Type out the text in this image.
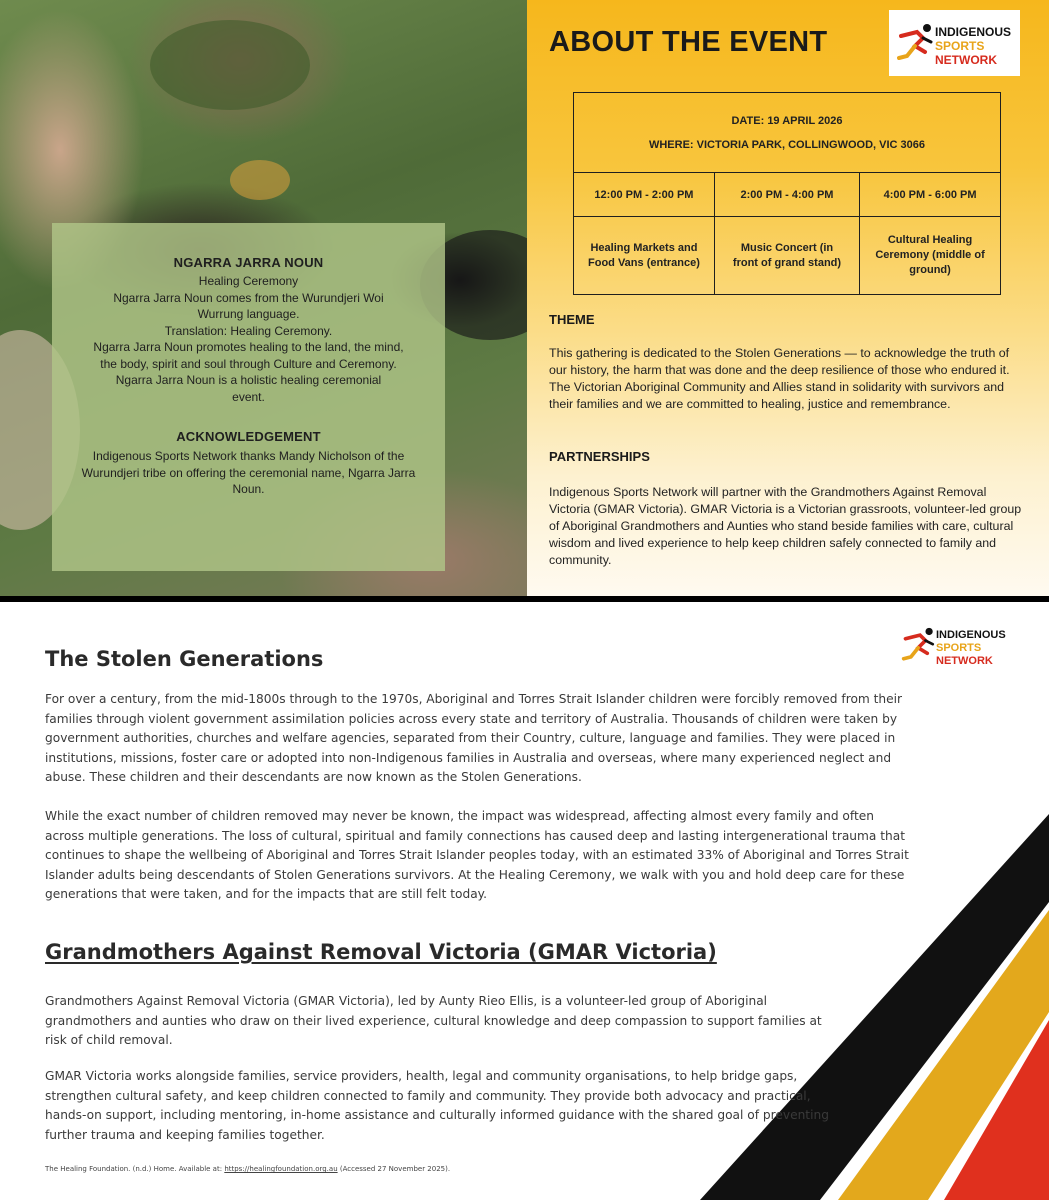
NGARRA JARRA NOUN

Healing Ceremony

Ngarra Jarra Noun comes from the Wurundjeri Woi Wurrung language.

Translation: Healing Ceremony.

Ngarra Jarra Noun promotes healing to the land, the mind, the body, spirit and soul through Culture and Ceremony.

Ngarra Jarra Noun is a holistic healing ceremonial event.

ACKNOWLEDGEMENT

Indigenous Sports Network thanks Mandy Nicholson of the Wurundjeri tribe on offering the ceremonial name, Ngarra Jarra Noun.

ABOUT THE EVENT	INDIGENOUS
SPORTS
NETWORK
DATE: 19 APRIL 2026		
WHERE: VICTORIA PARK, COLLINGWOOD, VIC 3066		
12:00 PM - 2:00 PM	2:00 PM - 4:00 PM	4:00 PM - 6:00 PM
Healing Markets and Food Vans (entrance)	Music Concert (in front of grand stand)	Cultural Healing Ceremony (middle of ground)
THEME

This gathering is dedicated to the Stolen Generations — to acknowledge the truth of our history, the harm that was done and the deep resilience of those who endured it. The Victorian Aboriginal Community and Allies stand in solidarity with survivors and their families and we are committed to healing, justice and remembrance.

PARTNERSHIPS

Indigenous Sports Network will partner with the Grandmothers Against Removal Victoria (GMAR Victoria). GMAR Victoria is a Victorian grassroots, volunteer-led group of Aboriginal Grandmothers and Aunties who stand beside families with care, cultural wisdom and lived experience to help keep children safely connected to family and community.

INDIGENOUS
SPORTS
NETWORK
The Stolen Generations

For over a century, from the mid-1800s through to the 1970s, Aboriginal and Torres Strait Islander children were forcibly removed from their families through violent government assimilation policies across every state and territory of Australia. Thousands of children were taken by government authorities, churches and welfare agencies, separated from their Country, culture, language and families. They were placed in institutions, missions, foster care or adopted into non-Indigenous families in Australia and overseas, where many experienced neglect and abuse. These children and their descendants are now known as the Stolen Generations.

While the exact number of children removed may never be known, the impact was widespread, affecting almost every family and often across multiple generations. The loss of cultural, spiritual and family connections has caused deep and lasting intergenerational trauma that continues to shape the wellbeing of Aboriginal and Torres Strait Islander peoples today, with an estimated 33% of Aboriginal and Torres Strait Islander adults being descendants of Stolen Generations survivors. At the Healing Ceremony, we walk with you and hold deep care for these generations that were taken, and for the impacts that are still felt today.

Grandmothers Against Removal Victoria (GMAR Victoria)

Grandmothers Against Removal Victoria (GMAR Victoria), led by Aunty Rieo Ellis, is a volunteer-led group of Aboriginal grandmothers and aunties who draw on their lived experience, cultural knowledge and deep compassion to support families at risk of child removal.

GMAR Victoria works alongside families, service providers, health, legal and community organisations, to help bridge gaps, strengthen cultural safety, and keep children connected to family and community. They provide both advocacy and practical, hands-on support, including mentoring, in-home assistance and culturally informed guidance with the shared goal of preventing further trauma and keeping families together.

The Healing Foundation. (n.d.) Home. Available at: https://healingfoundation.org.au (Accessed 27 November 2025).
